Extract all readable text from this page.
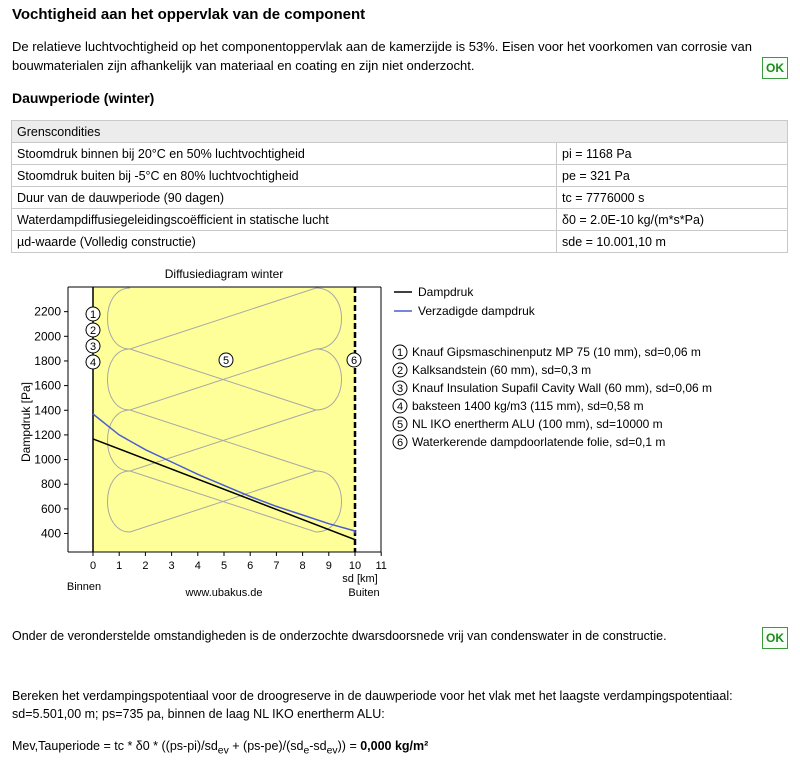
Vochtigheid aan het oppervlak van de component
De relatieve luchtvochtigheid op het componentoppervlak aan de kamerzijde is 53%. Eisen voor het voorkomen van corrosie van bouwmaterialen zijn afhankelijk van materiaal en coating en zijn niet onderzocht.	OK
Dauwperiode (winter)
Grenscondities	
Stoomdruk binnen bij 20°C en 50% luchtvochtigheid	pi = 1168 Pa
Stoomdruk buiten bij -5°C en 80% luchtvochtigheid	pe = 321 Pa
Duur van de dauwperiode (90 dagen)	tc = 7776000 s
Waterdampdiffusiegeleidingscoëfficient in statische lucht	δ0 = 2.0E-10 kg/(m*s*Pa)
µd-waarde (Volledig constructie)	sde = 10.001,10 m
400
600
800
1000
1200
1400
1600
1800
2000
2200
0 1 2 3 4 5 6 7 8 9 10 11
1
2
3
4	5	6
Diffusiediagram winter
Dampdruk [Pa]
sd [km]
Binnen	Buiten
www.ubakus.de
Dampdruk
Verzadigde dampdruk
1 Knauf Gipsmaschinenputz MP 75 (10 mm), sd=0,06 m
2 Kalksandstein (60 mm), sd=0,3 m
3 Knauf Insulation Supafil Cavity Wall (60 mm), sd=0,06 m
4 baksteen 1400 kg/m3 (115 mm), sd=0,58 m
5 NL IKO enertherm ALU (100 mm), sd=10000 m
6 Waterkerende dampdoorlatende folie, sd=0,1 m
Onder de veronderstelde omstandigheden is de onderzochte dwarsdoorsnede vrij van condenswater in de constructie.	OK
Bereken het verdampingspotentiaal voor de droogreserve in de dauwperiode voor het vlak met het laagste verdampingspotentiaal: sd=5.501,00 m; ps=735 pa, binnen de laag NL IKO enertherm ALU:
Mev,Tauperiode = tc * $\delta 0 * ((ps-pi)/sd_{ev} + (ps-pe)/(sd_e-sd_{ev})) = 0,000$ kg/m²
